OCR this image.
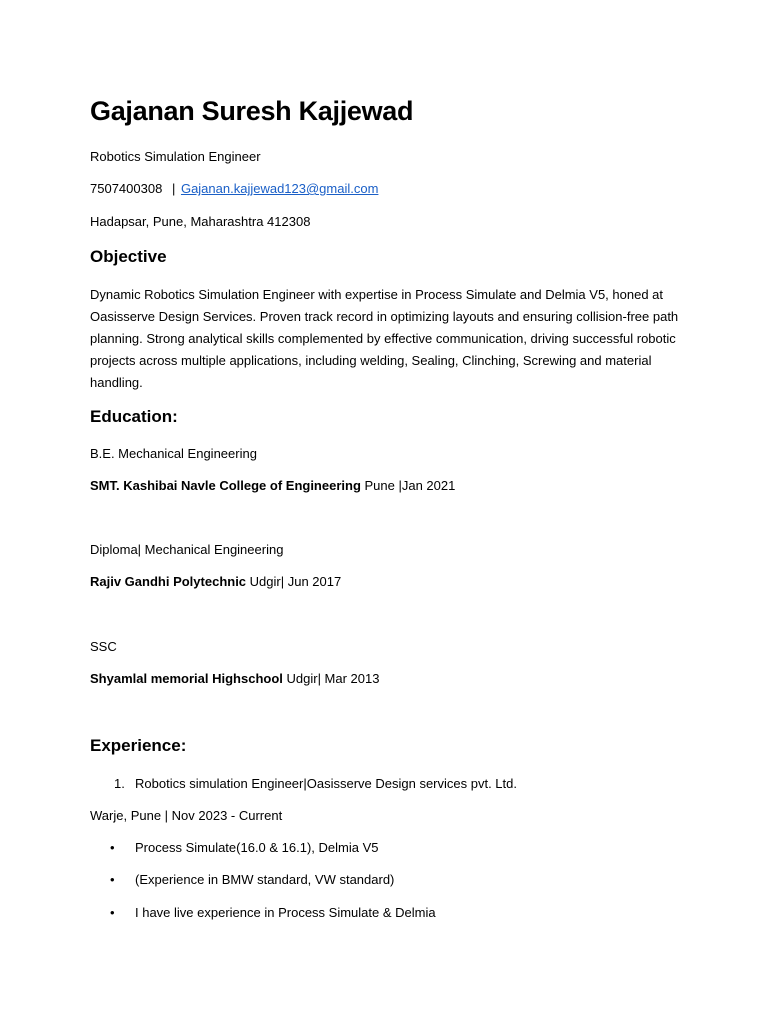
Gajanan Suresh Kajjewad
Robotics Simulation Engineer
7507400308 | Gajanan.kajjewad123@gmail.com
Hadapsar, Pune, Maharashtra 412308
Objective
Dynamic Robotics Simulation Engineer with expertise in Process Simulate and Delmia V5, honed at Oasisserve Design Services. Proven track record in optimizing layouts and ensuring collision-free path planning. Strong analytical skills complemented by effective communication, driving successful robotic projects across multiple applications, including welding, Sealing, Clinching, Screwing and material handling.
Education:
B.E. Mechanical Engineering
SMT. Kashibai Navle College of Engineering Pune |Jan 2021
Diploma| Mechanical Engineering
Rajiv Gandhi Polytechnic Udgir| Jun 2017
SSC
Shyamlal memorial Highschool Udgir| Mar 2013
Experience:
1. Robotics simulation Engineer|Oasisserve Design services pvt. Ltd.
Warje, Pune | Nov 2023 - Current
•Process Simulate(16.0 & 16.1), Delmia V5
•(Experience in BMW standard, VW standard)
•I have live experience in Process Simulate & Delmia
